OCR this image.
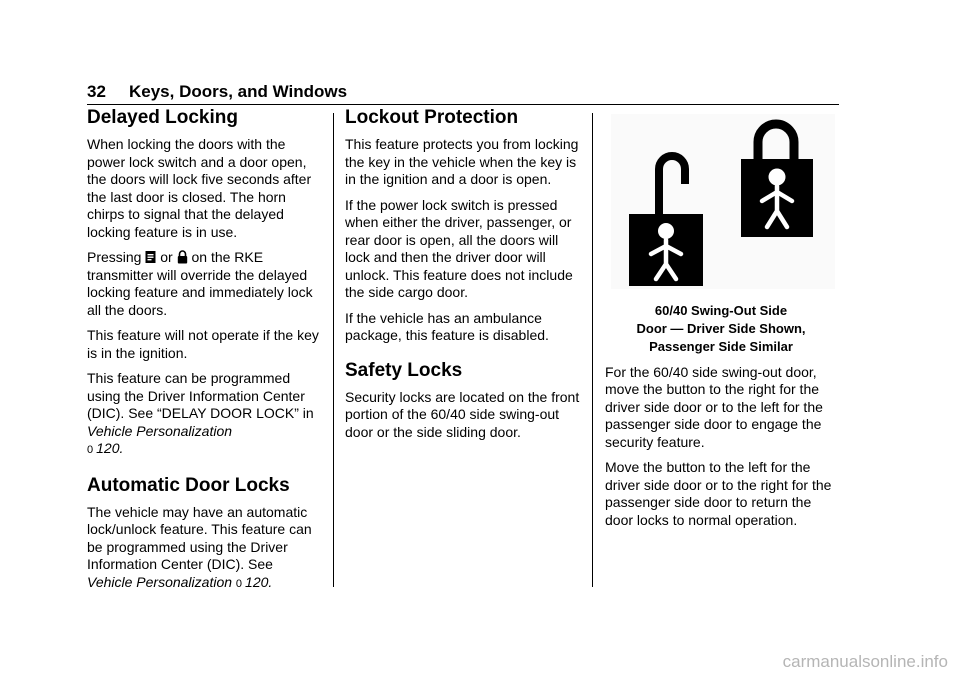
32 Keys, Doors, and Windows
Delayed Locking

When locking the doors with the power lock switch and a door open, the doors will lock five seconds after the last door is closed. The horn chirps to signal that the delayed locking feature is in use.

Pressing or on the RKE transmitter will override the delayed locking feature and immediately lock all the doors.

This feature will not operate if the key is in the ignition.

This feature can be programmed using the Driver Information Center (DIC). See “DELAY DOOR LOCK” in Vehicle Personalization
0 120.

Automatic Door Locks

The vehicle may have an automatic lock/unlock feature. This feature can be programmed using the Driver Information Center (DIC). See
Vehicle Personalization 0 120.

Lockout Protection

This feature protects you from locking the key in the vehicle when the key is in the ignition and a door is open.

If the power lock switch is pressed when either the driver, passenger, or rear door is open, all the doors will lock and then the driver door will unlock. This feature does not include the side cargo door.

If the vehicle has an ambulance package, this feature is disabled.

Safety Locks

Security locks are located on the front portion of the 60/40 side swing-out door or the side sliding door.

60/40 Swing-Out Side
Door — Driver Side Shown,
Passenger Side Similar

For the 60/40 side swing-out door, move the button to the right for the driver side door or to the left for the passenger side door to engage the security feature.

Move the button to the left for the driver side door or to the right for the passenger side door to return the door locks to normal operation.

carmanualsonline.info
